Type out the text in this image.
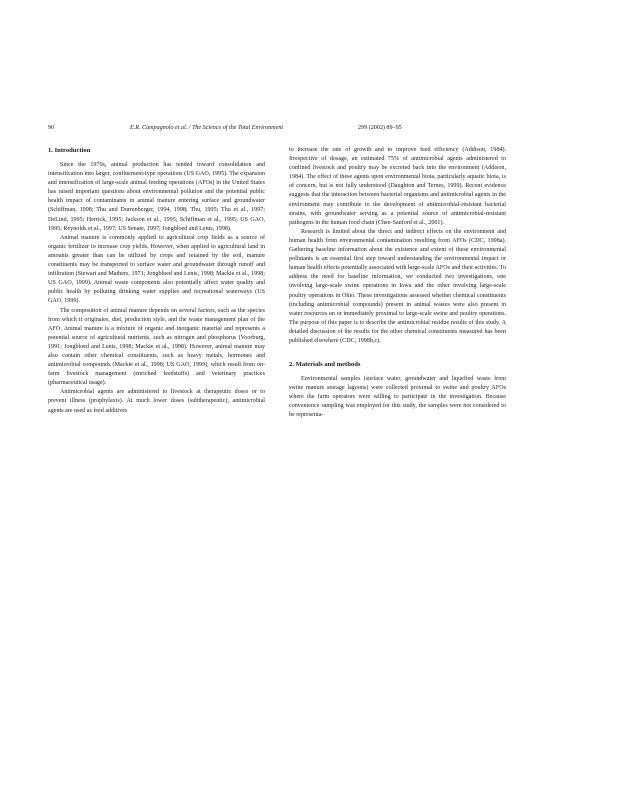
90	E.R. Campagnolo et al. / The Science of the Total Environment	299 (2002) 89–95
1. Introduction

Since the 1970s, animal production has tended toward consolidation and intensification into larger, confinement-type operations (US GAO, 1995). The expansion and intensification of large-scale animal feeding operations (AFOs) in the United States has raised important questions about environmental pollution and the potential public health impact of contaminants in animal manure entering surface and groundwater (Schiffman, 1998; Thu and Durrenberger, 1994, 1998; Thu, 1995; Thu et al., 1997; DeLind, 1995; Herrick, 1995; Jackson et al., 1995; Schiffman et al., 1995; US GAO, 1995; Reynolds et al., 1997; US Senate, 1997; Jongbloed and Lenis, 1998).

Animal manure is commonly applied to agricultural crop fields as a source of organic fertilizer to increase crop yields. However, when applied to agricultural land in amounts greater than can be utilized by crops and retained by the soil, manure constituents may be transported to surface water and groundwater through runoff and infiltration (Stewart and Mathers, 1971; Jongbloed and Lenis, 1998; Mackie et al., 1998; US GAO, 1999). Animal waste components also potentially affect water quality and public health by polluting drinking water supplies and recreational waterways (US GAO, 1999).

The composition of animal manure depends on several factors, such as the species from which it originates, diet, production style, and the waste management plan of the AFO. Animal manure is a mixture of organic and inorganic material and represents a potential source of agricultural nutrients, such as nitrogen and phosphorus (Voorburg, 1991; Jongbloed and Lenis, 1998; Mackie et al., 1998). However, animal manure may also contain other chemical constituents, such as heavy metals, hormones and antimicrobial compounds (Mackie et al., 1998; US GAO, 1999), which result from on-farm livestock management (enriched feedstuffs) and veterinary practices (pharmaceutical usage).

Antimicrobial agents are administered to livestock at therapeutic doses or to prevent illness (prophylaxis). At much lower doses (subtherapeutic), antimicrobial agents are used as feed additives

to increase the rate of growth and to improve feed efficiency (Addison, 1984). Irrespective of dosage, an estimated 75% of antimicrobial agents administered to confined livestock and poultry may be excreted back into the environment (Addison, 1984). The effect of these agents upon environmental biota, particularly aquatic biota, is of concern, but is not fully understood (Daughton and Ternes, 1999). Recent evidence suggests that the interaction between bacterial organisms and antimicrobial agents in the environment may contribute to the development of antimicrobial-resistant bacterial strains, with groundwater serving as a potential source of antimicrobial-resistant pathogens in the human food chain (Chee-Sanford et al., 2001).

Research is limited about the direct and indirect effects on the environment and human health from environmental contamination resulting from AFOs (CDC, 1998a). Gathering baseline information about the existence and extent of these environmental pollutants is an essential first step toward understanding the environmental impact or human health effects potentially associated with large-scale AFOs and their activities. To address the need for baseline information, we conducted two investigations, one involving large-scale swine operations in Iowa and the other involving large-scale poultry operations in Ohio. These investigations assessed whether chemical constituents (including antimicrobial compounds) present in animal wastes were also present in water resources on or immediately proximal to large-scale swine and poultry operations. The purpose of this paper is to describe the antimicrobial residue results of this study. A detailed discussion of the results for the other chemical constituents measured has been published elsewhere (CDC, 1998b,c).

2. Materials and methods

Environmental samples (surface water, groundwater and liquefied waste from swine manure storage lagoons) were collected proximal to swine and poultry AFOs where the farm operators were willing to participate in the investigation. Because convenience sampling was employed for this study, the samples were not considered to be representa-
